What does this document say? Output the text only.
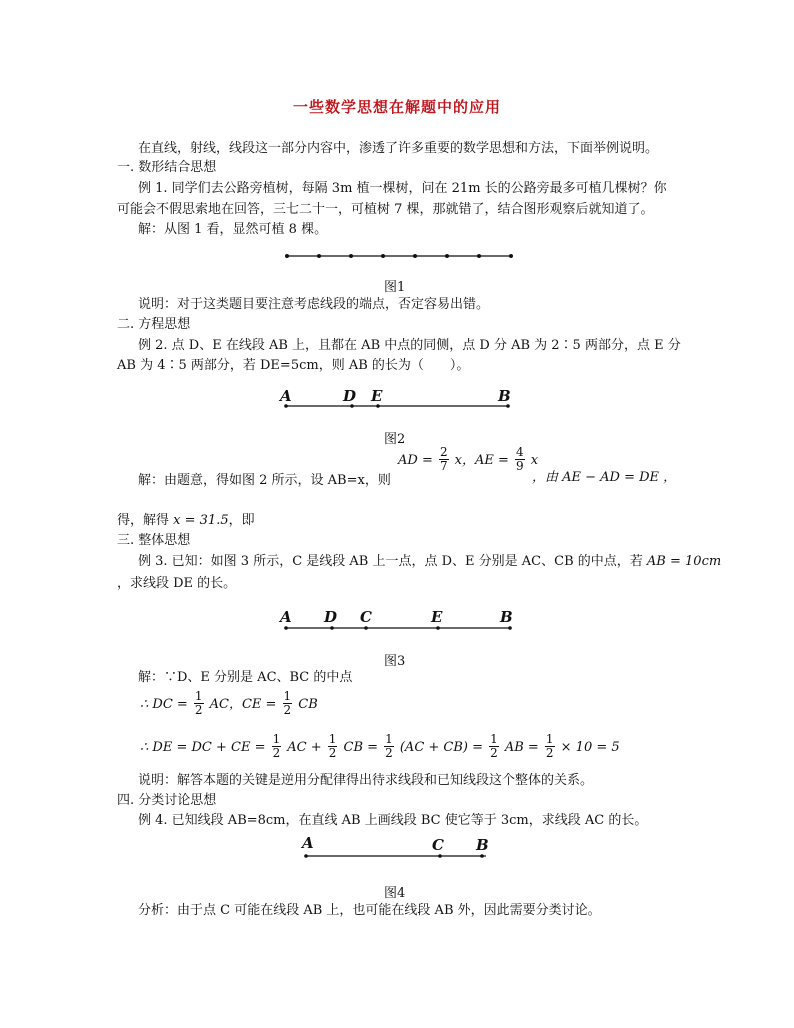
一些数学思想在解题中的应用
在直线，射线，线段这一部分内容中，渗透了许多重要的数学思想和方法，下面举例说明。
一. 数形结合思想
例 1. 同学们去公路旁植树，每隔 3m 植一棵树，问在 21m 长的公路旁最多可植几棵树？你
可能会不假思索地在回答，三七二十一，可植树 7 棵，那就错了，结合图形观察后就知道了。
解：从图 1 看，显然可植 8 棵。
图1
说明：对于这类题目要注意考虑线段的端点，否定容易出错。
二. 方程思想
例 2. 点 D、E 在线段 AB 上，且都在 AB 中点的同侧，点 D 分 AB 为 2∶5 两部分，点 E 分
AB 为 4∶5 两部分，若 DE=5cm，则 AB 的长为（　　）。
A	D E	B
图2
AD = $\frac{2}{7}$ x，AE = $\frac{4}{9}$ x
解：由题意，得如图 2 所示，设 AB=x，则	，由 AE − AD = DE ，
得，解得 x = 31.5，即
三. 整体思想
例 3. 已知：如图 3 所示，C 是线段 AB 上一点，点 D、E 分别是 AC、CB 的中点，若 AB = 10cm
，求线段 DE 的长。
A D C	E	B
图3
解：∵D、E 分别是 AC、BC 的中点
∴ DC = $\frac{1}{2}$ AC，CE = $\frac{1}{2}$ CB
∴ DE = DC + CE = $\frac{1}{2}$ AC + $\frac{1}{2}$ CB = $\frac{1}{2} (AC + CB) = \frac{1}{2}$ AB = $\frac{1}{2} \times 10 = 5$
说明：解答本题的关键是逆用分配律得出待求线段和已知线段这个整体的关系。
四. 分类讨论思想
例 4. 已知线段 AB=8cm，在直线 AB 上画线段 BC 使它等于 3cm，求线段 AC 的长。
A	C B
图4
分析：由于点 C 可能在线段 AB 上，也可能在线段 AB 外，因此需要分类讨论。
